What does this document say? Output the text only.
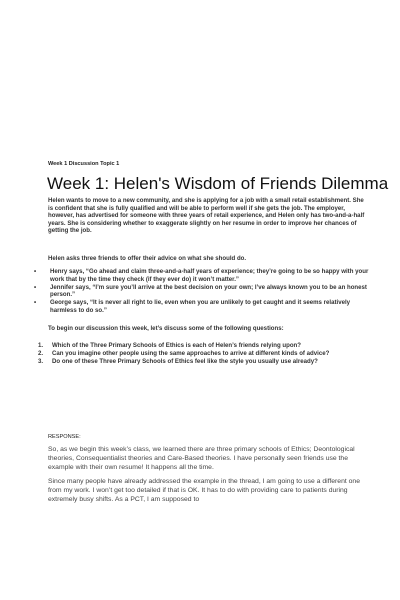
Week 1 Discussion Topic 1
Week 1: Helen's Wisdom of Friends Dilemma
Helen wants to move to a new community, and she is applying for a job with a small retail establishment. She is confident that she is fully qualified and will be able to perform well if she gets the job. The employer, however, has advertised for someone with three years of retail experience, and Helen only has two-and-a-half years. She is considering whether to exaggerate slightly on her resume in order to improve her chances of getting the job.
Helen asks three friends to offer their advice on what she should do.
• Henry says, “Go ahead and claim three-and-a-half years of experience; they’re going to be so happy with your work that by the time they check (if they ever do) it won’t matter.”
• Jennifer says, “I’m sure you’ll arrive at the best decision on your own; I’ve always known you to be an honest person.”
• George says, “It is never all right to lie, even when you are unlikely to get caught and it seems relatively harmless to do so.”
To begin our discussion this week, let’s discuss some of the following questions:
1. Which of the Three Primary Schools of Ethics is each of Helen’s friends relying upon?
2. Can you imagine other people using the same approaches to arrive at different kinds of advice?
3. Do one of these Three Primary Schools of Ethics feel like the style you usually use already?
RESPONSE:
So, as we begin this week’s class, we learned there are three primary schools of Ethics; Deontological theories, Consequentialist theories and Care-Based theories. I have personally seen friends use the example with their own resume! It happens all the time.
Since many people have already addressed the example in the thread, I am going to use a different one from my work. I won’t get too detailed if that is OK. It has to do with providing care to patients during extremely busy shifts. As a PCT, I am supposed to
